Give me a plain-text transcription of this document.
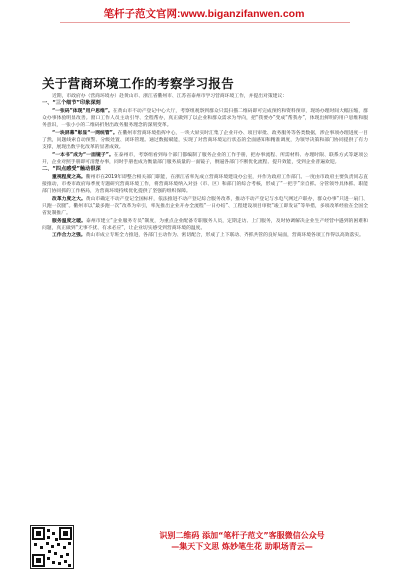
笔杆子范文官网:www.biganzifanwen.com
关于营商环境工作的考察学习报告

近期，市政府办（营商环境办）赴黄山市、浙江省衢州市、江苏省泰州市学习营商环境工作，并提出对策建议：

一、“三个细节”印象深刻

“一张码”体现“用户思维”。在黄山市不动产登记中心大厅，考察组观察到群众只需扫描二维码即可完成预约和资料预审，现场办理时间大幅压缩，群众办事体验明显改善。窗口工作人员主动引导、全程帮办，真正做到了以企业和群众需求为导向，把“我要办”变成“帮我办”，体现出鲜明的用户思维和服务意识，一张小小的二维码折射出政务服务理念的深刻变革。

“一块屏幕”彰显“一网统管”。在衢州市营商环境指挥中心，一块大屏实时汇集了企业开办、项目审批、政务服务等各类数据，涉企事项办理进度一目了然，问题线索自动预警、分级处置、闭环管理。通过数据赋能，实现了对营商环境运行状态的全面感知和精准调度，为领导决策和部门协同提供了有力支撑，展现出数字化改革的显著成效。

“一本书”成为“一面镜子”。在泰州市，考察组看到每个部门都编制了服务企业的工作手册，把办事流程、所需材料、办理时限、联系方式等逐项公开，企业对照手册即可清楚办事，同时手册也成为衡量部门服务质量的一面镜子，倒逼各部门不断优化流程、提升效能，受到企业普遍欢迎。

二、“四点感受”触动很深

重视程度之高。衢州市在2019年即整合相关部门职能，在浙江省率先成立营商环境建设办公室，并作为政府工作部门。一度由市政府主要负责同志直接推动，市委市政府每季度专题研究营商环境工作，将营商环境纳入对县（市、区）和部门的综合考核，形成了“一把手”亲自抓、分管领导具体抓、职能部门协同抓的工作格局，为营商环境持续优化提供了坚强的组织保障。

改革力度之大。黄山市确定不动产登记全国标杆，依法推进不动产登记综合服务改革，推动不动产登记与水电气网过户联办，群众办事“只进一扇门、只跑一次腿”。衢州市以“最多跑一次”改革为牵引，率先推出企业开办全流程“一日办结”、工程建设项目审批“竣工即发证”等举措，多项改革经验在全国全省复制推广。

服务温度之暖。泰州市建立“企业服务专员”制度，为重点企业配备专职服务人员，定期走访、上门服务，及时协调解决企业生产经营中遇到的困难和问题，真正做到“无事不扰、有求必应”，让企业切实感受到营商环境的温度。

工作合力之强。黄山市成立专班全力推进，各部门主动作为、密切配合，形成了上下联动、齐抓共管的良好局面，营商环境各项工作得以高效落实。

识别二维码 添加“笔杆子范文”客服微信公众号
—集天下文思 炼妙笔生花 助职场青云—
